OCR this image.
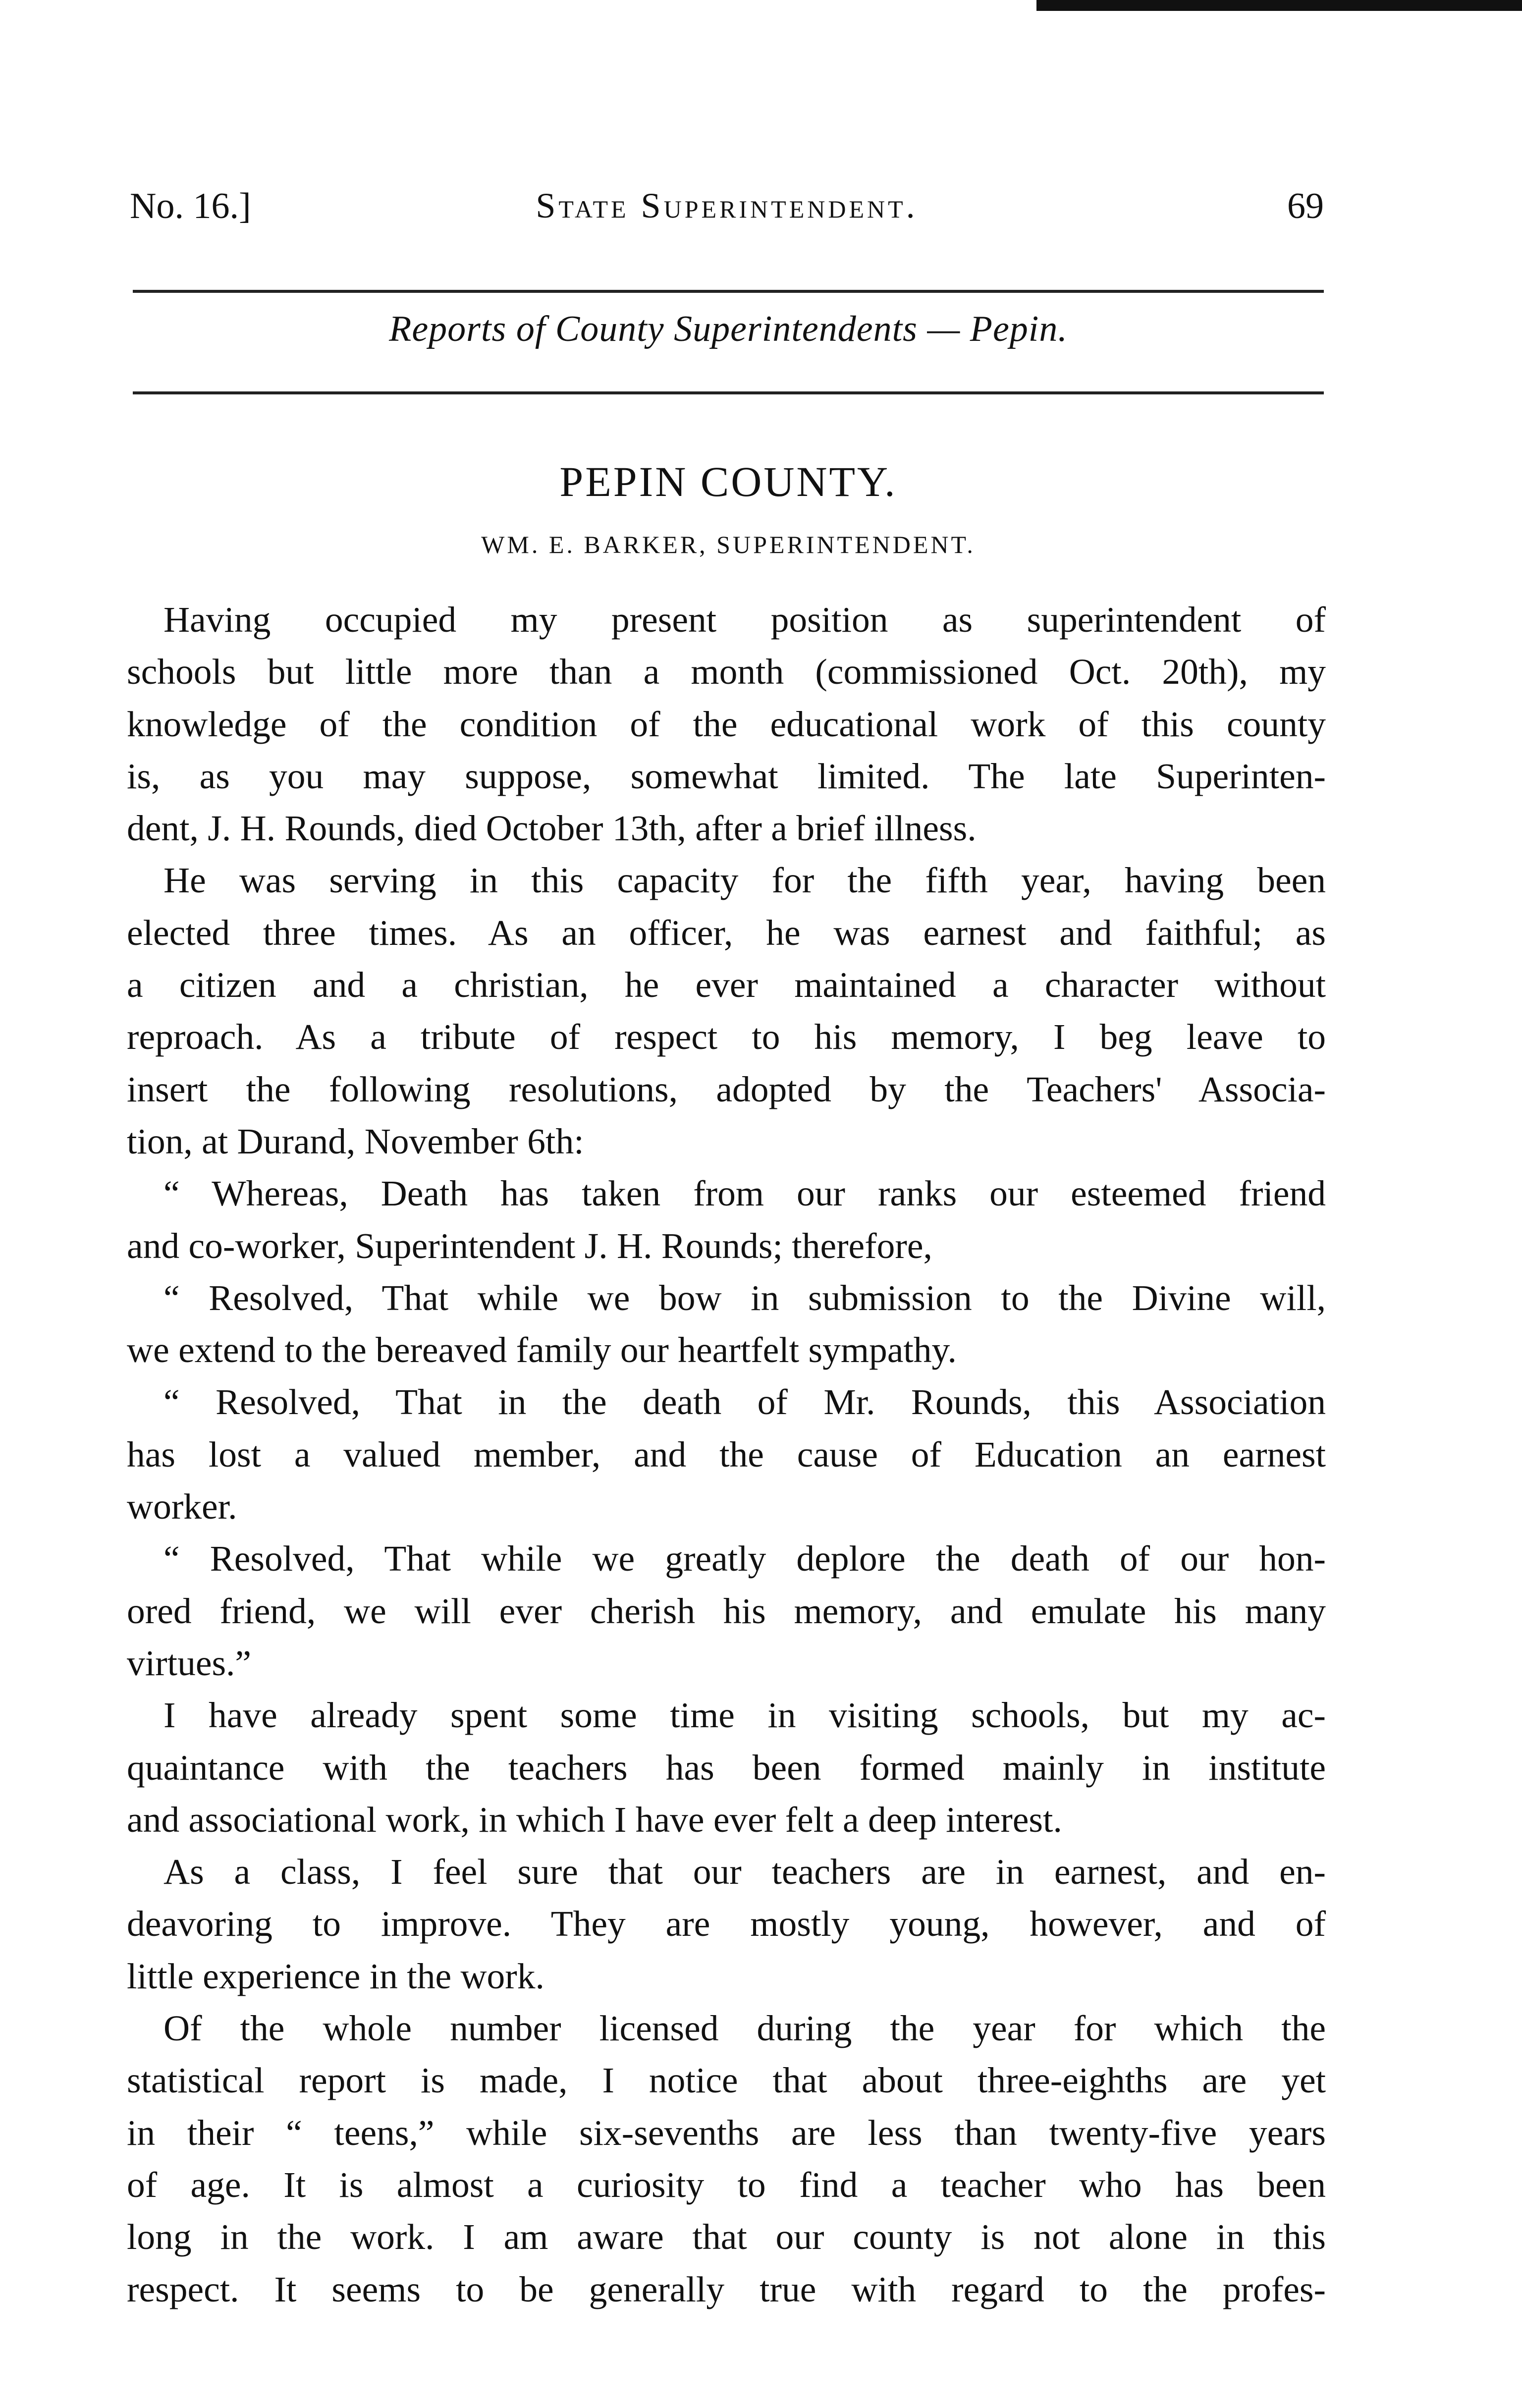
No. 16.]	State Superintendent.	69
Reports of County Superintendents — Pepin.
PEPIN COUNTY.
WM. E. BARKER, SUPERINTENDENT.
Having occupied my present position as superintendent of
schools but little more than a month (commissioned Oct. 20th), my
knowledge of the condition of the educational work of this county
is, as you may suppose, somewhat limited. The late Superinten-
dent, J. H. Rounds, died October 13th, after a brief illness.
He was serving in this capacity for the fifth year, having been
elected three times. As an officer, he was earnest and faithful; as
a citizen and a christian, he ever maintained a character without
reproach. As a tribute of respect to his memory, I beg leave to
insert the following resolutions, adopted by the Teachers' Associa-
tion, at Durand, November 6th:
“ Whereas, Death has taken from our ranks our esteemed friend
and co-worker, Superintendent J. H. Rounds; therefore,
“ Resolved, That while we bow in submission to the Divine will,
we extend to the bereaved family our heartfelt sympathy.
“ Resolved, That in the death of Mr. Rounds, this Association
has lost a valued member, and the cause of Education an earnest
worker.
“ Resolved, That while we greatly deplore the death of our hon-
ored friend, we will ever cherish his memory, and emulate his many
virtues.”
I have already spent some time in visiting schools, but my ac-
quaintance with the teachers has been formed mainly in institute
and associational work, in which I have ever felt a deep interest.
As a class, I feel sure that our teachers are in earnest, and en-
deavoring to improve. They are mostly young, however, and of
little experience in the work.
Of the whole number licensed during the year for which the
statistical report is made, I notice that about three-eighths are yet
in their “ teens,” while six-sevenths are less than twenty-five years
of age. It is almost a curiosity to find a teacher who has been
long in the work. I am aware that our county is not alone in this
respect. It seems to be generally true with regard to the profes-
